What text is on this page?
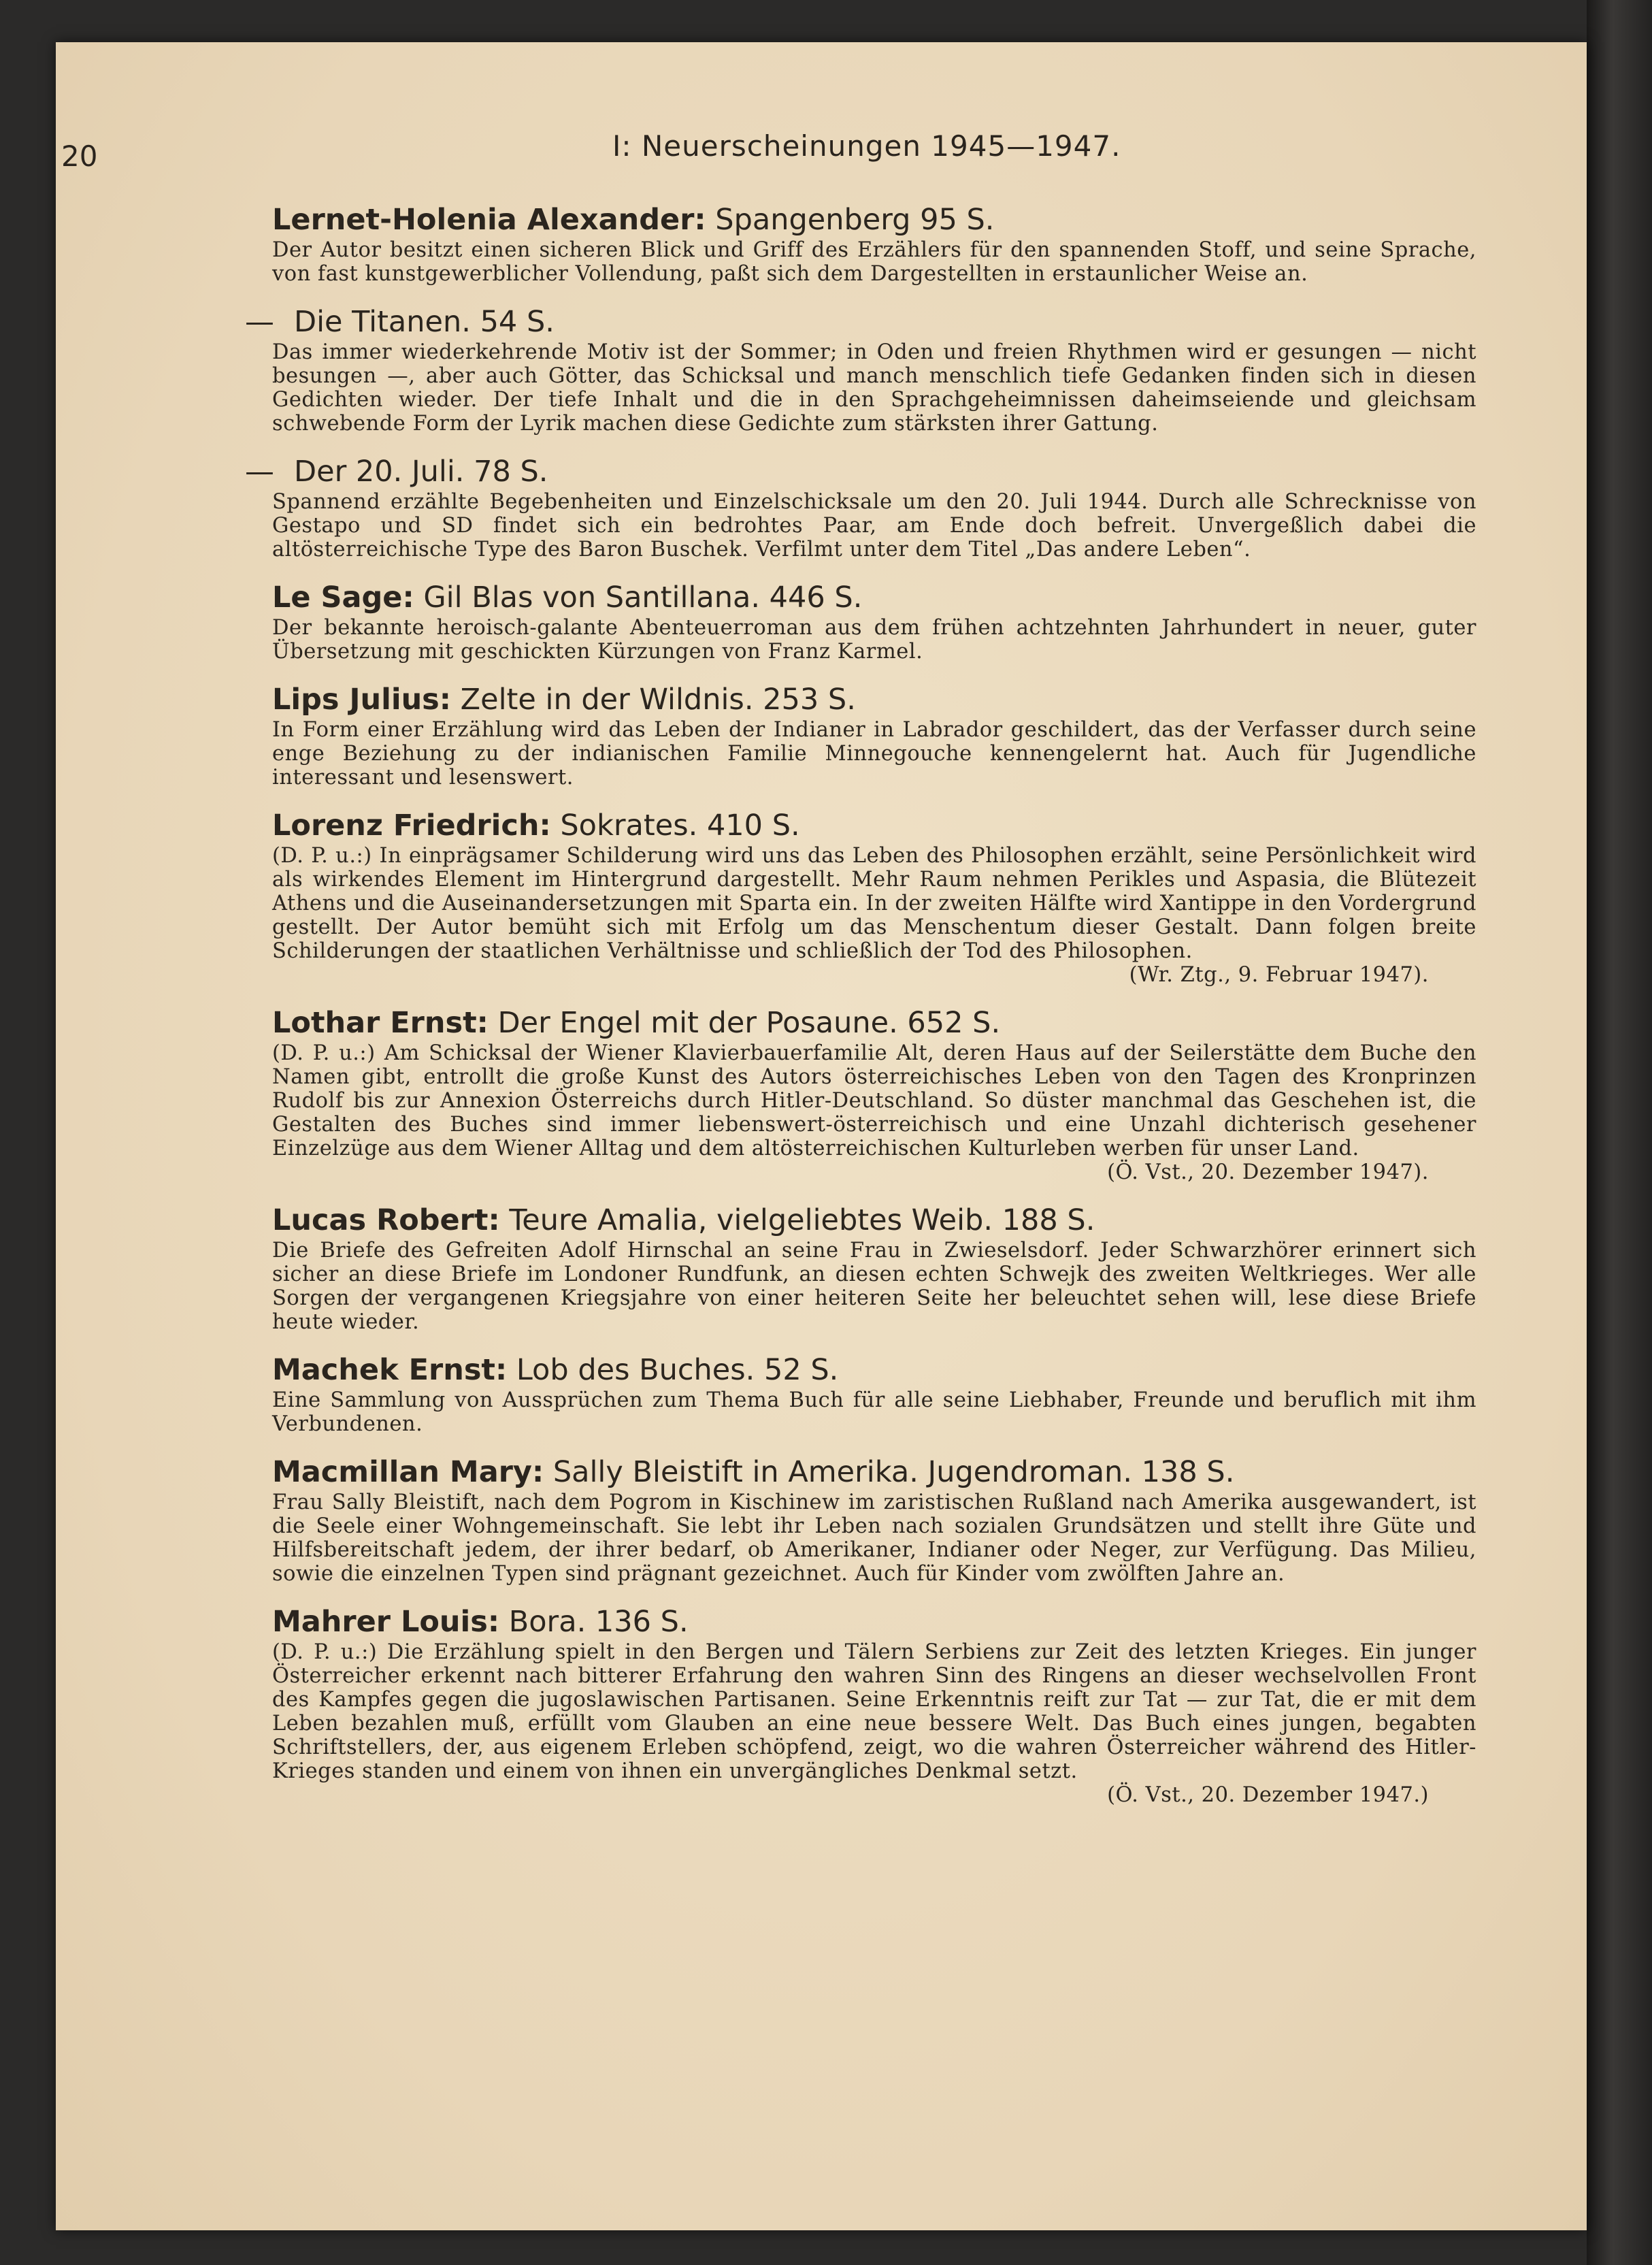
20	I: Neuerscheinungen 1945—1947.
Lernet-Holenia Alexander: Spangenberg 95 S.
Der Autor besitzt einen sicheren Blick und Griff des Erzählers für den spannenden Stoff, und seine Sprache, von fast kunstgewerblicher Vollendung, paßt sich dem Dargestellten in erstaunlicher Weise an.
— Die Titanen. 54 S.
Das immer wiederkehrende Motiv ist der Sommer; in Oden und freien Rhythmen wird er gesungen — nicht besungen —, aber auch Götter, das Schicksal und manch menschlich tiefe Gedanken finden sich in diesen Gedichten wieder. Der tiefe Inhalt und die in den Sprachgeheimnissen daheimseiende und gleichsam schwebende Form der Lyrik machen diese Gedichte zum stärksten ihrer Gattung.
— Der 20. Juli. 78 S.
Spannend erzählte Begebenheiten und Einzelschicksale um den 20. Juli 1944. Durch alle Schrecknisse von Gestapo und SD findet sich ein bedrohtes Paar, am Ende doch befreit. Unvergeßlich dabei die altösterreichische Type des Baron Buschek. Verfilmt unter dem Titel „Das andere Leben“.
Le Sage: Gil Blas von Santillana. 446 S.
Der bekannte heroisch-galante Abenteuerroman aus dem frühen achtzehnten Jahrhundert in neuer, guter Übersetzung mit geschickten Kürzungen von Franz Karmel.
Lips Julius: Zelte in der Wildnis. 253 S.
In Form einer Erzählung wird das Leben der Indianer in Labrador geschildert, das der Verfasser durch seine enge Beziehung zu der indianischen Familie Minnegouche kennengelernt hat. Auch für Jugendliche interessant und lesenswert.
Lorenz Friedrich: Sokrates. 410 S.
(D. P. u.:) In einprägsamer Schilderung wird uns das Leben des Philosophen erzählt, seine Persönlichkeit wird als wirkendes Element im Hintergrund dargestellt. Mehr Raum nehmen Perikles und Aspasia, die Blütezeit Athens und die Auseinandersetzungen mit Sparta ein. In der zweiten Hälfte wird Xantippe in den Vordergrund gestellt. Der Autor bemüht sich mit Erfolg um das Menschentum dieser Gestalt. Dann folgen breite Schilderungen der staatlichen Verhältnisse und schließlich der Tod des Philosophen.
(Wr. Ztg., 9. Februar 1947).
Lothar Ernst: Der Engel mit der Posaune. 652 S.
(D. P. u.:) Am Schicksal der Wiener Klavierbauerfamilie Alt, deren Haus auf der Seilerstätte dem Buche den Namen gibt, entrollt die große Kunst des Autors österreichisches Leben von den Tagen des Kronprinzen Rudolf bis zur Annexion Österreichs durch Hitler-Deutschland. So düster manchmal das Geschehen ist, die Gestalten des Buches sind immer liebenswert-österreichisch und eine Unzahl dichterisch gesehener Einzelzüge aus dem Wiener Alltag und dem altösterreichischen Kulturleben werben für unser Land.
(Ö. Vst., 20. Dezember 1947).
Lucas Robert: Teure Amalia, vielgeliebtes Weib. 188 S.
Die Briefe des Gefreiten Adolf Hirnschal an seine Frau in Zwieselsdorf. Jeder Schwarzhörer erinnert sich sicher an diese Briefe im Londoner Rundfunk, an diesen echten Schwejk des zweiten Weltkrieges. Wer alle Sorgen der vergangenen Kriegsjahre von einer heiteren Seite her beleuchtet sehen will, lese diese Briefe heute wieder.
Machek Ernst: Lob des Buches. 52 S.
Eine Sammlung von Aussprüchen zum Thema Buch für alle seine Liebhaber, Freunde und beruflich mit ihm Verbundenen.
Macmillan Mary: Sally Bleistift in Amerika. Jugendroman. 138 S.
Frau Sally Bleistift, nach dem Pogrom in Kischinew im zaristischen Rußland nach Amerika ausgewandert, ist die Seele einer Wohngemeinschaft. Sie lebt ihr Leben nach sozialen Grundsätzen und stellt ihre Güte und Hilfsbereitschaft jedem, der ihrer bedarf, ob Amerikaner, Indianer oder Neger, zur Verfügung. Das Milieu, sowie die einzelnen Typen sind prägnant gezeichnet. Auch für Kinder vom zwölften Jahre an.
Mahrer Louis: Bora. 136 S.
(D. P. u.:) Die Erzählung spielt in den Bergen und Tälern Serbiens zur Zeit des letzten Krieges. Ein junger Österreicher erkennt nach bitterer Erfahrung den wahren Sinn des Ringens an dieser wechselvollen Front des Kampfes gegen die jugoslawischen Partisanen. Seine Erkenntnis reift zur Tat — zur Tat, die er mit dem Leben bezahlen muß, erfüllt vom Glauben an eine neue bessere Welt. Das Buch eines jungen, begabten Schriftstellers, der, aus eigenem Erleben schöpfend, zeigt, wo die wahren Österreicher während des Hitler-Krieges standen und einem von ihnen ein unvergängliches Denkmal setzt.
(Ö. Vst., 20. Dezember 1947.)
